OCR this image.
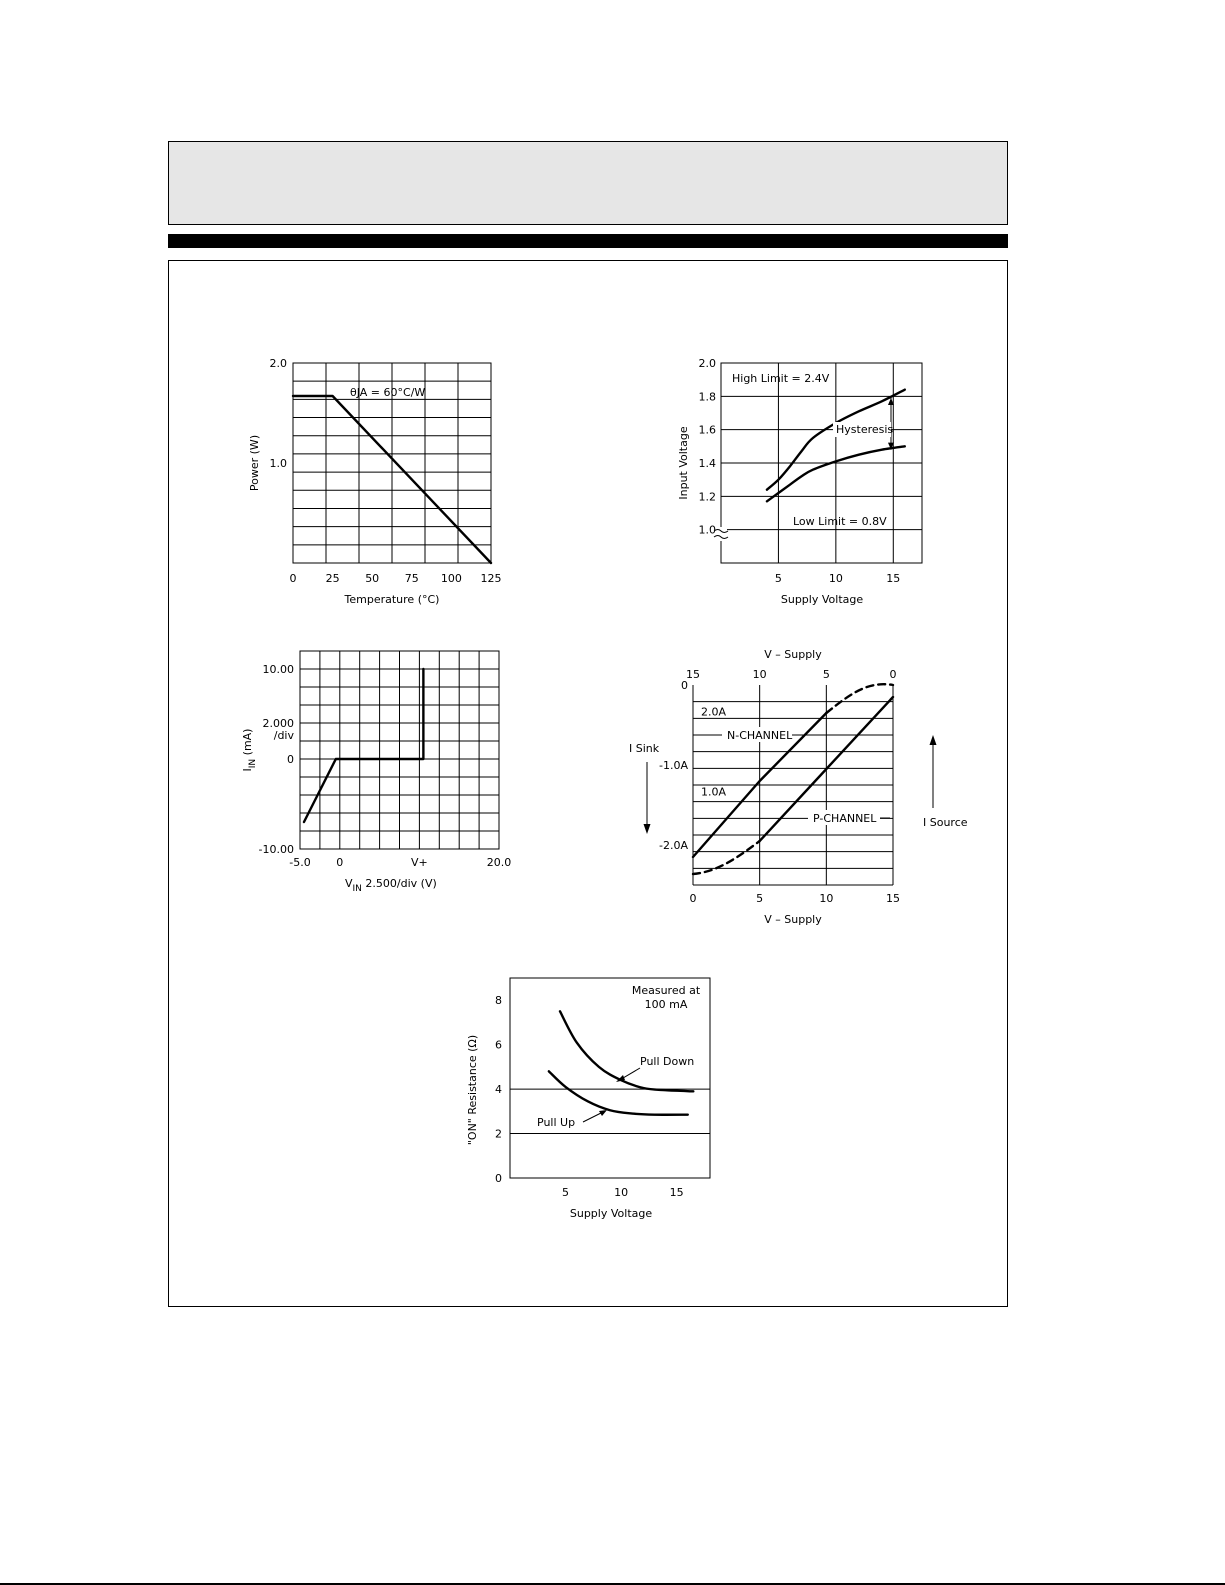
0	25 50 75 100 125
2.0
1.0
Temperature (°C)
Power (W)
θJA = 60°C/W
5	10	15
1.0
1.2
1.4
1.6
1.8
2.0
Supply Voltage
Input Voltage
High Limit = 2.4V
Hysteresis
Low Limit = 0.8V
-5.0 0	V+	20.0
10.00
2.000
0
-10.00
/div
$V_{IN}$ 2.500/div (V)
$I_{IN}$ (mA)
0	5	10	15
15	10	5	0
0
-1.0A
-2.0A
2.0A
1.0A
V – Supply
V – Supply
I Sink
I Source
N-CHANNEL
P-CHANNEL
5	10	15
0
2
4
6
8
Supply Voltage
"ON" Resistance (Ω)
Measured at
100 mA
Pull Down
Pull Up
